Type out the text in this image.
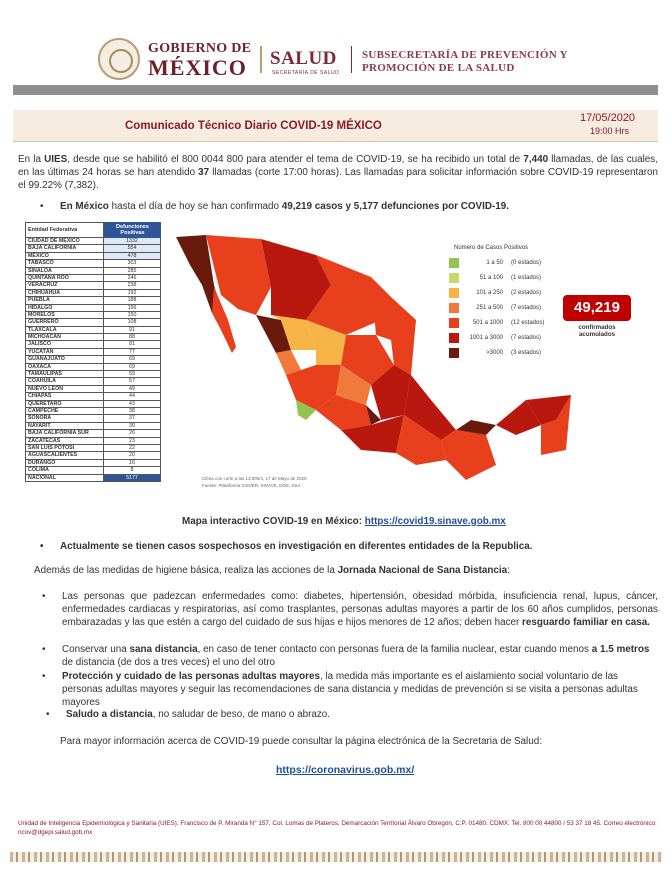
GOBIERNO DE
MÉXICO SALUD
SECRETARÍA DE SALUD
SUBSECRETARÍA DE PREVENCIÓN Y
PROMOCIÓN DE LA SALUD
Comunicado Técnico Diario COVID-19 MÉXICO
17/05/2020
19:00 Hrs

En la UIES, desde que se habilitó el 800 0044 800 para atender el tema de COVID-19, se ha recibido un total de 7,440 llamadas, de las cuales, en las últimas 24 horas se han atendido 37 llamadas (corte 17:00 horas). Las llamadas para solicitar información sobre COVID-19 representaron el 99.22% (7,382).

• En México hasta el día de hoy se han confirmado 49,219 casos y 5,177 defunciones por COVID-19.

Entidad Federativa	Defunciones Positivas
CIUDAD DE MÉXICO	1332
BAJA CALIFORNIA	554
MÉXICO	478
TABASCO	303
SINALOA	285
QUINTANA ROO	246
VERACRUZ	238
CHIHUAHUA	192
PUEBLA	188
HIDALGO	156
MORELOS	150
GUERRERO	108
TLAXCALA	91
MICHOACÁN	88
JALISCO	81
YUCATÁN	77
GUANAJUATO	69
OAXACA	69
TAMAULIPAS	59
COAHUILA	57
NUEVO LEÓN	49
CHIAPAS	44
QUERÉTARO	43
CAMPECHE	38
SONORA	37
NAYARIT	30
BAJA CALIFORNIA SUR	26
ZACATECAS	23
SAN LUIS POTOSÍ	22
AGUASCALIENTES	20
DURANGO	16
COLIMA	8
NACIONAL	5177
Número de Casos Positivos
1 a 50 (0 estados)
51 a 100 (1 estados)
101 a 250 (2 estados)
251 a 500 (7 estados)
501 a 1000 (12 estados)
1001 a 3000 (7 estados)
>3000 (3 estados)
Cifras con corte a las 13:00hrs, 17 de Mayo de 2020
Fuente: Plataforma SISVER, SINAVE, DGE, SSA
49,219
confirmados
acumulados

Mapa interactivo COVID-19 en México: https://covid19.sinave.gob.mx

• Actualmente se tienen casos sospechosos en investigación en diferentes entidades de la Republica.

Además de las medidas de higiene básica, realiza las acciones de la Jornada Nacional de Sana Distancia:

• Las personas que padezcan enfermedades como: diabetes, hipertensión, obesidad mórbida, insuficiencia renal, lupus, cáncer, enfermedades cardiacas y respiratorias, así como trasplantes, personas adultas mayores a partir de los 60 años cumplidos, personas embarazadas y las que estén a cargo del cuidado de sus hijas e hijos menores de 12 años; deben hacer resguardo familiar en casa.

• Conservar una sana distancia, en caso de tener contacto con personas fuera de la familia nuclear, estar cuando menos a 1.5 metros de distancia (de dos a tres veces) el uno del otro

• Protección y cuidado de las personas adultas mayores, la medida más importante es el aislamiento social voluntario de las personas adultas mayores y seguir las recomendaciones de sana distancia y medidas de prevención si se visita a personas adultas mayores

• Saludo a distancia, no saludar de beso, de mano o abrazo.

Para mayor información acerca de COVID-19 puede consultar la página electrónica de la Secretaria de Salud:

https://coronavirus.gob.mx/

Unidad de Inteligencia Epidemiológica y Sanitaria (UIES). Francisco de P. Miranda N° 157, Col. Lomas de Plateros, Demarcación Territorial Álvaro Obregón, C.P. 01480. CDMX. Tel. 800 00 44800 / 53 37 18 45. Correo electrónico: ncov@dgepi.salud.gob.mx
